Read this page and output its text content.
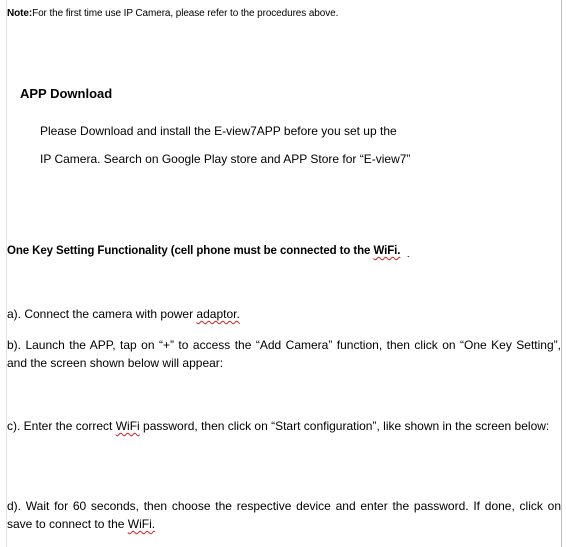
Note:For the first time use IP Camera, please refer to the procedures above.
APP Download
Please Download and install the E-view7APP before you set up the
IP Camera. Search on Google Play store and APP Store for “E-view7”
One Key Setting Functionality (cell phone must be connected to the WiFi. ˎ
a). Connect the camera with power adaptor.
b). Launch the APP, tap on “+” to access the “Add Camera” function, then click on “One Key Setting”, and the screen shown below will appear:
c). Enter the correct WiFi password, then click on “Start configuration”, like shown in the screen below:
d). Wait for 60 seconds, then choose the respective device and enter the password. If done, click on save to connect to the WiFi.
